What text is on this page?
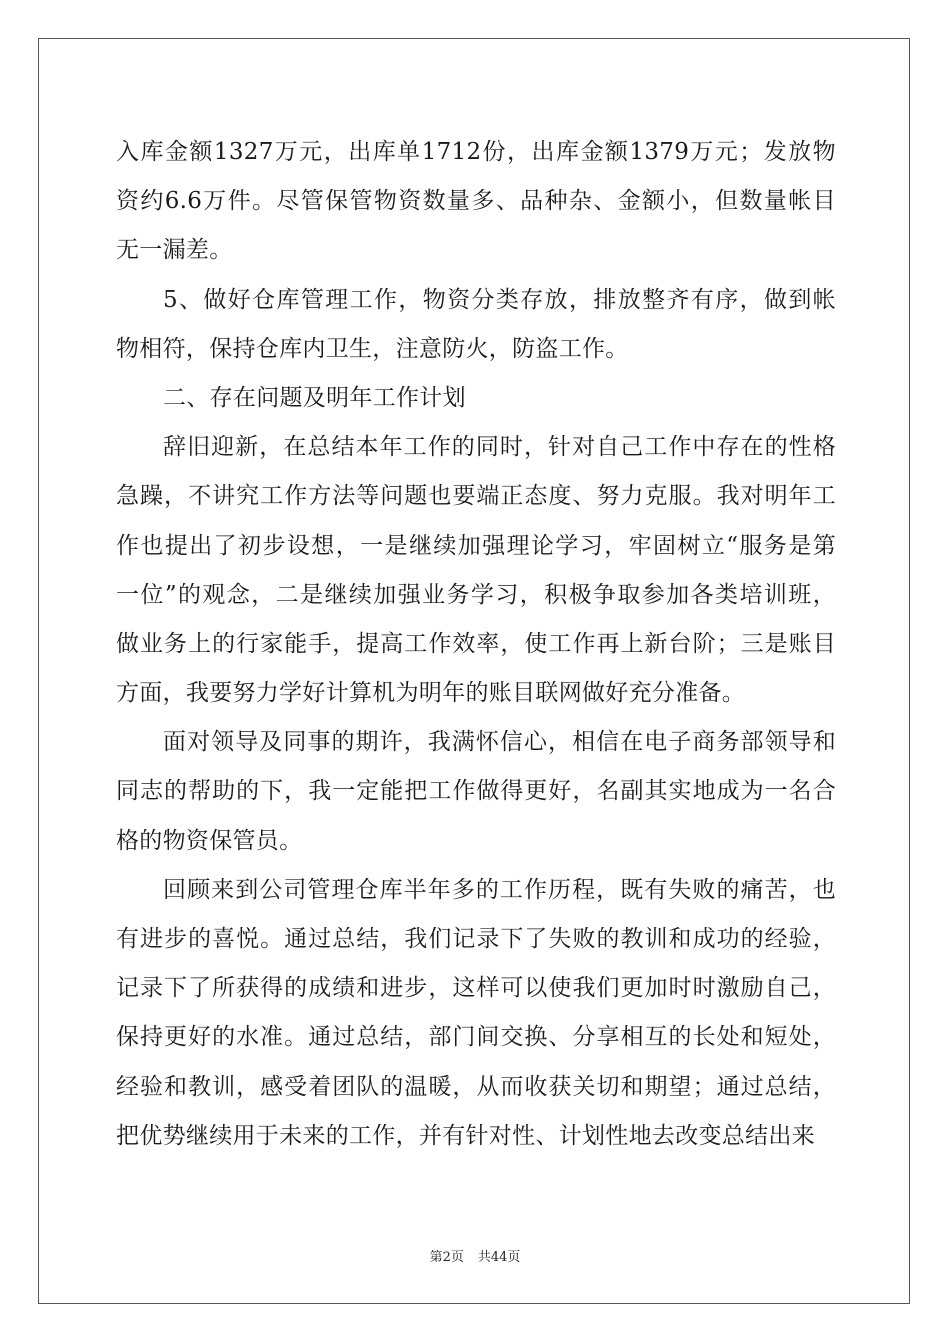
入库金额1327万元，出库单1712份，出库金额1379万元；发放物
资约6.6万件。尽管保管物资数量多、品种杂、金额小，但数量帐目
无一漏差。
5、做好仓库管理工作，物资分类存放，排放整齐有序，做到帐
物相符，保持仓库内卫生，注意防火，防盗工作。
二、存在问题及明年工作计划
辞旧迎新，在总结本年工作的同时，针对自己工作中存在的性格
急躁，不讲究工作方法等问题也要端正态度、努力克服。我对明年工
作也提出了初步设想，一是继续加强理论学习，牢固树立“服务是第
一位”的观念，二是继续加强业务学习，积极争取参加各类培训班，
做业务上的行家能手，提高工作效率，使工作再上新台阶；三是账目
方面，我要努力学好计算机为明年的账目联网做好充分准备。
面对领导及同事的期许，我满怀信心，相信在电子商务部领导和
同志的帮助的下，我一定能把工作做得更好，名副其实地成为一名合
格的物资保管员。
回顾来到公司管理仓库半年多的工作历程，既有失败的痛苦，也
有进步的喜悦。通过总结，我们记录下了失败的教训和成功的经验，
记录下了所获得的成绩和进步，这样可以使我们更加时时激励自己，
保持更好的水准。通过总结，部门间交换、分享相互的长处和短处，
经验和教训，感受着团队的温暖，从而收获关切和期望；通过总结，
把优势继续用于未来的工作，并有针对性、计划性地去改变总结出来
第2页 共44页
